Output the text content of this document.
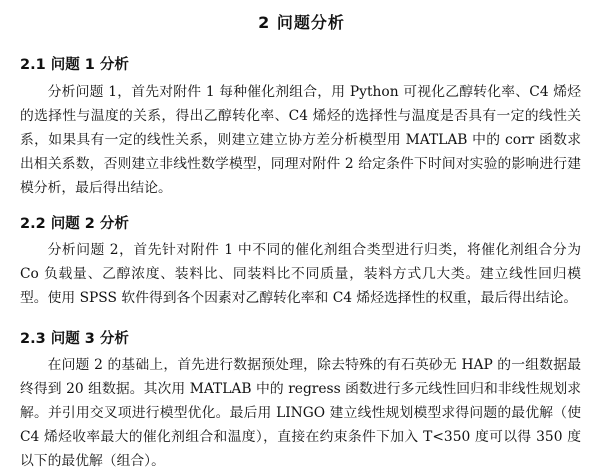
2 问题分析
2.1 问题 1 分析

分析问题 1，首先对附件 1 每种催化剂组合，用 Python 可视化乙醇转化率、C4 烯烃的选择性与温度的关系，得出乙醇转化率、C4 烯烃的选择性与温度是否具有一定的线性关系，如果具有一定的线性关系，则建立建立协方差分析模型用 MATLAB 中的 corr 函数求出相关系数，否则建立非线性数学模型，同理对附件 2 给定条件下时间对实验的影响进行建模分析，最后得出结论。

2.2 问题 2 分析

分析问题 2，首先针对附件 1 中不同的催化剂组合类型进行归类，将催化剂组合分为 Co 负载量、乙醇浓度、装料比、同装料比不同质量，装料方式几大类。建立线性回归模型。使用 SPSS 软件得到各个因素对乙醇转化率和 C4 烯烃选择性的权重，最后得出结论。

2.3 问题 3 分析

在问题 2 的基础上，首先进行数据预处理，除去特殊的有石英砂无 HAP 的一组数据最终得到 20 组数据。其次用 MATLAB 中的 regress 函数进行多元线性回归和非线性规划求解。并引用交叉项进行模型优化。最后用 LINGO 建立线性规划模型求得问题的最优解（使 C4 烯烃收率最大的催化剂组合和温度），直接在约束条件下加入 T<350 度可以得 350 度以下的最优解（组合）。
